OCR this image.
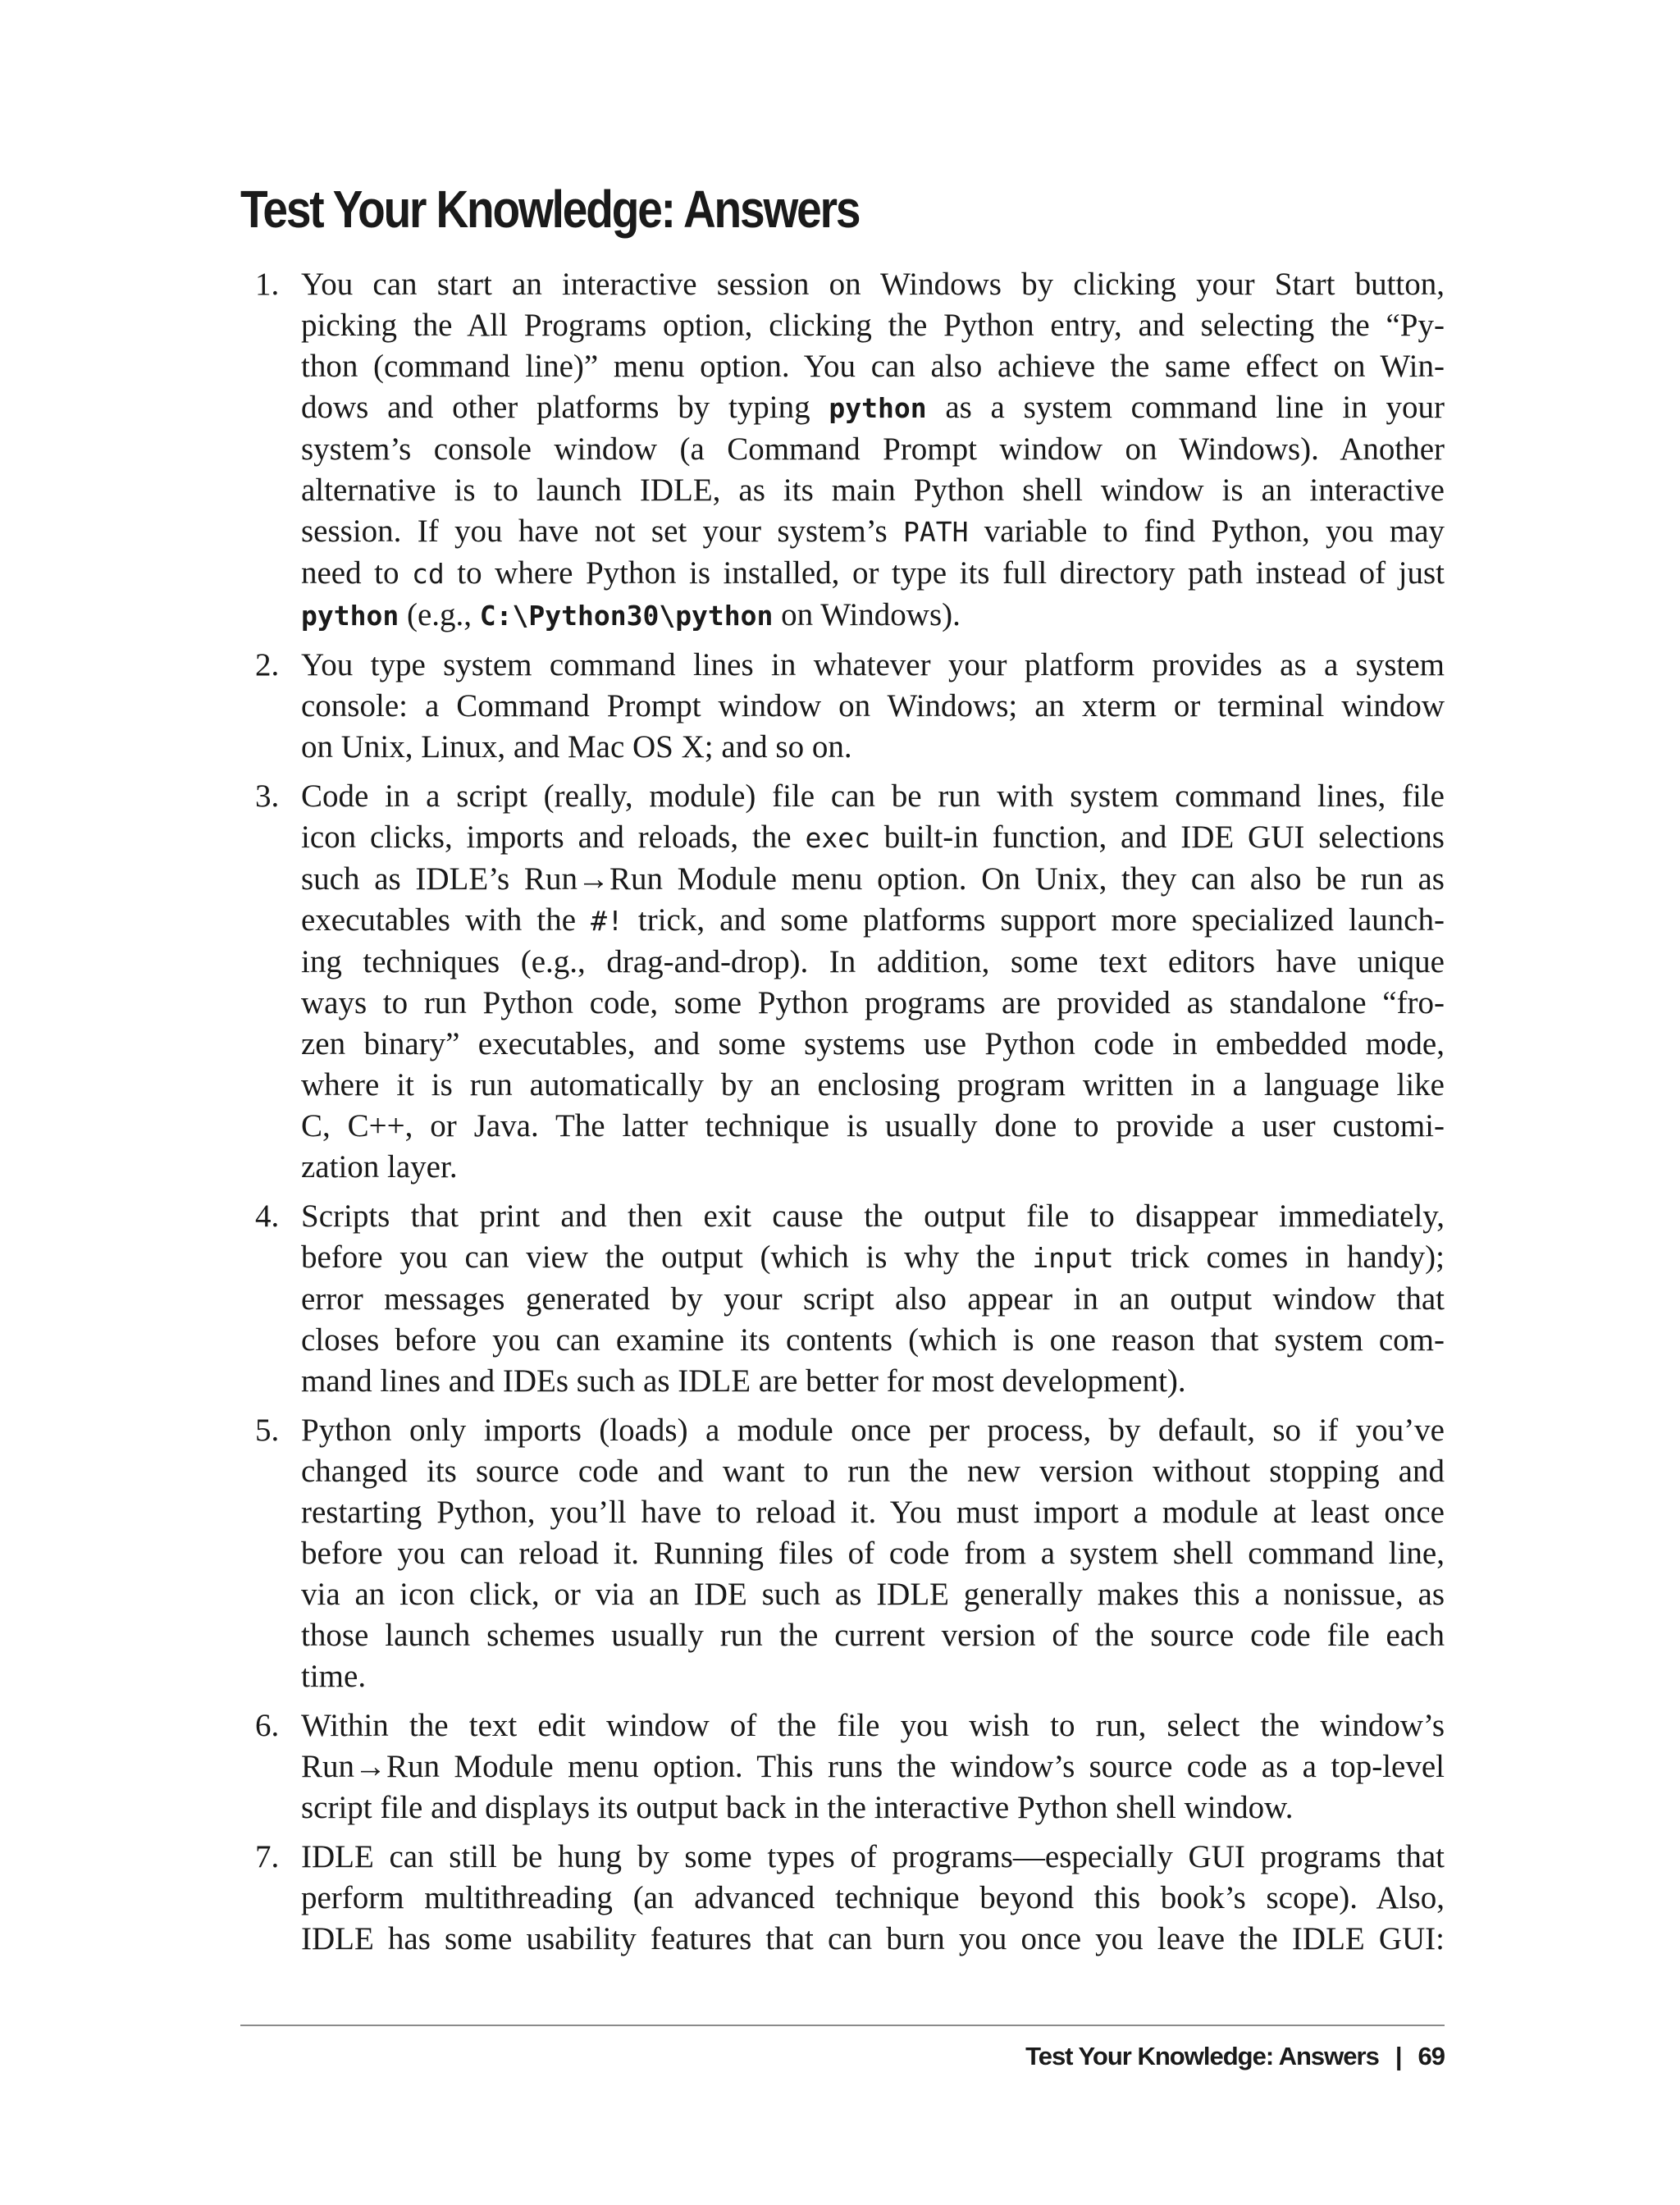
Test Your Knowledge: Answers
1. You can start an interactive session on Windows by clicking your Start button,
picking the All Programs option, clicking the Python entry, and selecting the “Py-
thon (command line)” menu option. You can also achieve the same effect on Win-
dows and other platforms by typing python as a system command line in your
system’s console window (a Command Prompt window on Windows). Another
alternative is to launch IDLE, as its main Python shell window is an interactive
session. If you have not set your system’s PATH variable to find Python, you may
need to cd to where Python is installed, or type its full directory path instead of just
python (e.g., C:\Python30\python on Windows).
2. You type system command lines in whatever your platform provides as a system
console: a Command Prompt window on Windows; an xterm or terminal window
on Unix, Linux, and Mac OS X; and so on.
3. Code in a script (really, module) file can be run with system command lines, file
icon clicks, imports and reloads, the exec built-in function, and IDE GUI selections
such as IDLE’s Run→Run Module menu option. On Unix, they can also be run as
executables with the #! trick, and some platforms support more specialized launch-
ing techniques (e.g., drag-and-drop). In addition, some text editors have unique
ways to run Python code, some Python programs are provided as standalone “fro-
zen binary” executables, and some systems use Python code in embedded mode,
where it is run automatically by an enclosing program written in a language like
C, C++, or Java. The latter technique is usually done to provide a user customi-
zation layer.
4. Scripts that print and then exit cause the output file to disappear immediately,
before you can view the output (which is why the input trick comes in handy);
error messages generated by your script also appear in an output window that
closes before you can examine its contents (which is one reason that system com-
mand lines and IDEs such as IDLE are better for most development).
5. Python only imports (loads) a module once per process, by default, so if you’ve
changed its source code and want to run the new version without stopping and
restarting Python, you’ll have to reload it. You must import a module at least once
before you can reload it. Running files of code from a system shell command line,
via an icon click, or via an IDE such as IDLE generally makes this a nonissue, as
those launch schemes usually run the current version of the source code file each
time.
6. Within the text edit window of the file you wish to run, select the window’s
Run→Run Module menu option. This runs the window’s source code as a top-level
script file and displays its output back in the interactive Python shell window.
7. IDLE can still be hung by some types of programs—especially GUI programs that
perform multithreading (an advanced technique beyond this book’s scope). Also,
IDLE has some usability features that can burn you once you leave the IDLE GUI:
Test Your Knowledge: Answers | 69
